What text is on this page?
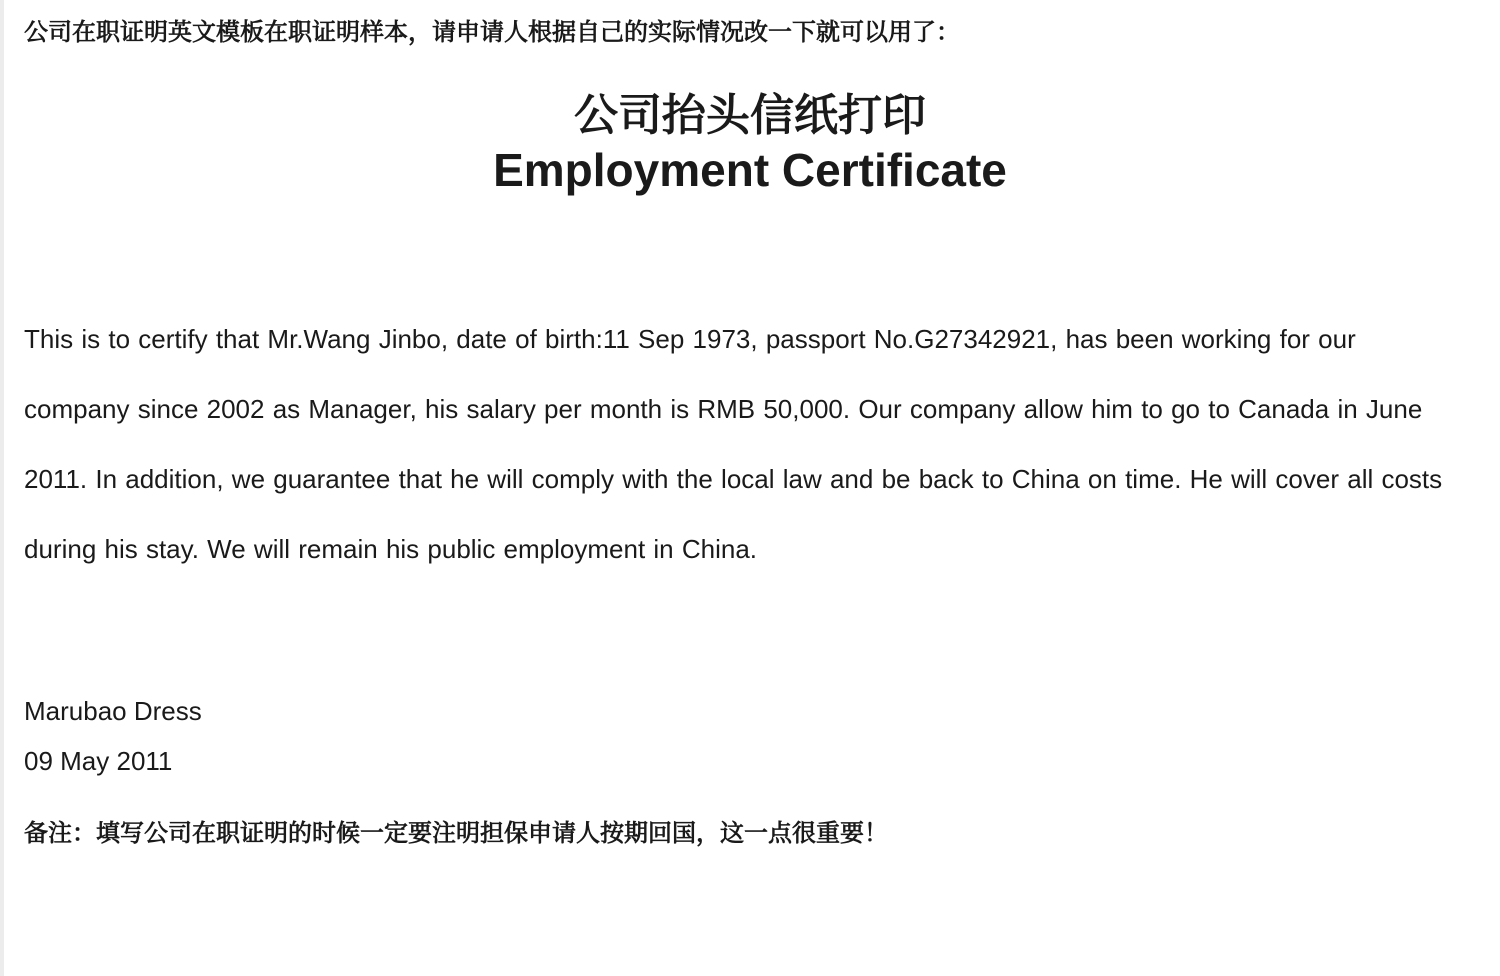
公司在职证明英文模板在职证明样本，请申请人根据自己的实际情况改一下就可以用了：

公司抬头信纸打印
Employment Certificate

This is to certify that Mr.Wang Jinbo, date of birth:11 Sep 1973, passport No.G27342921, has been working for our company since 2002 as Manager, his salary per month is RMB 50,000. Our company allow him to go to Canada in June 2011. In addition, we guarantee that he will comply with the local law and be back to China on time. He will cover all costs during his stay. We will remain his public employment in China.

Marubao Dress
09 May 2011

备注：填写公司在职证明的时候一定要注明担保申请人按期回国，这一点很重要！
